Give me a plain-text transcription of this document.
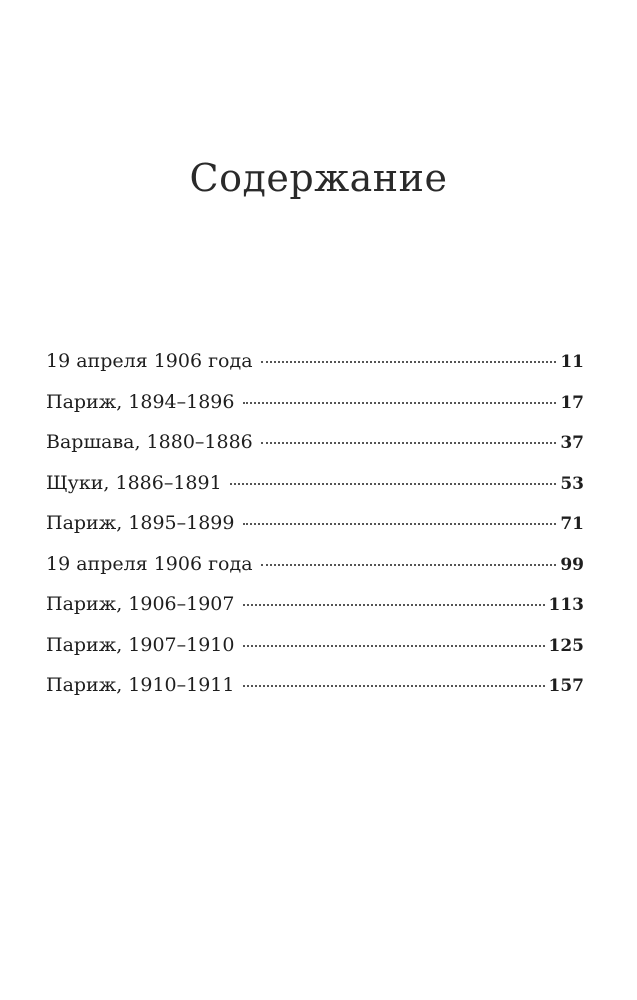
Содержание
19 апреля 1906 года	11
Париж, 1894–1896	17
Варшава, 1880–1886	37
Щуки, 1886–1891	53
Париж, 1895–1899	71
19 апреля 1906 года	99
Париж, 1906–1907	113
Париж, 1907–1910	125
Париж, 1910–1911	157
